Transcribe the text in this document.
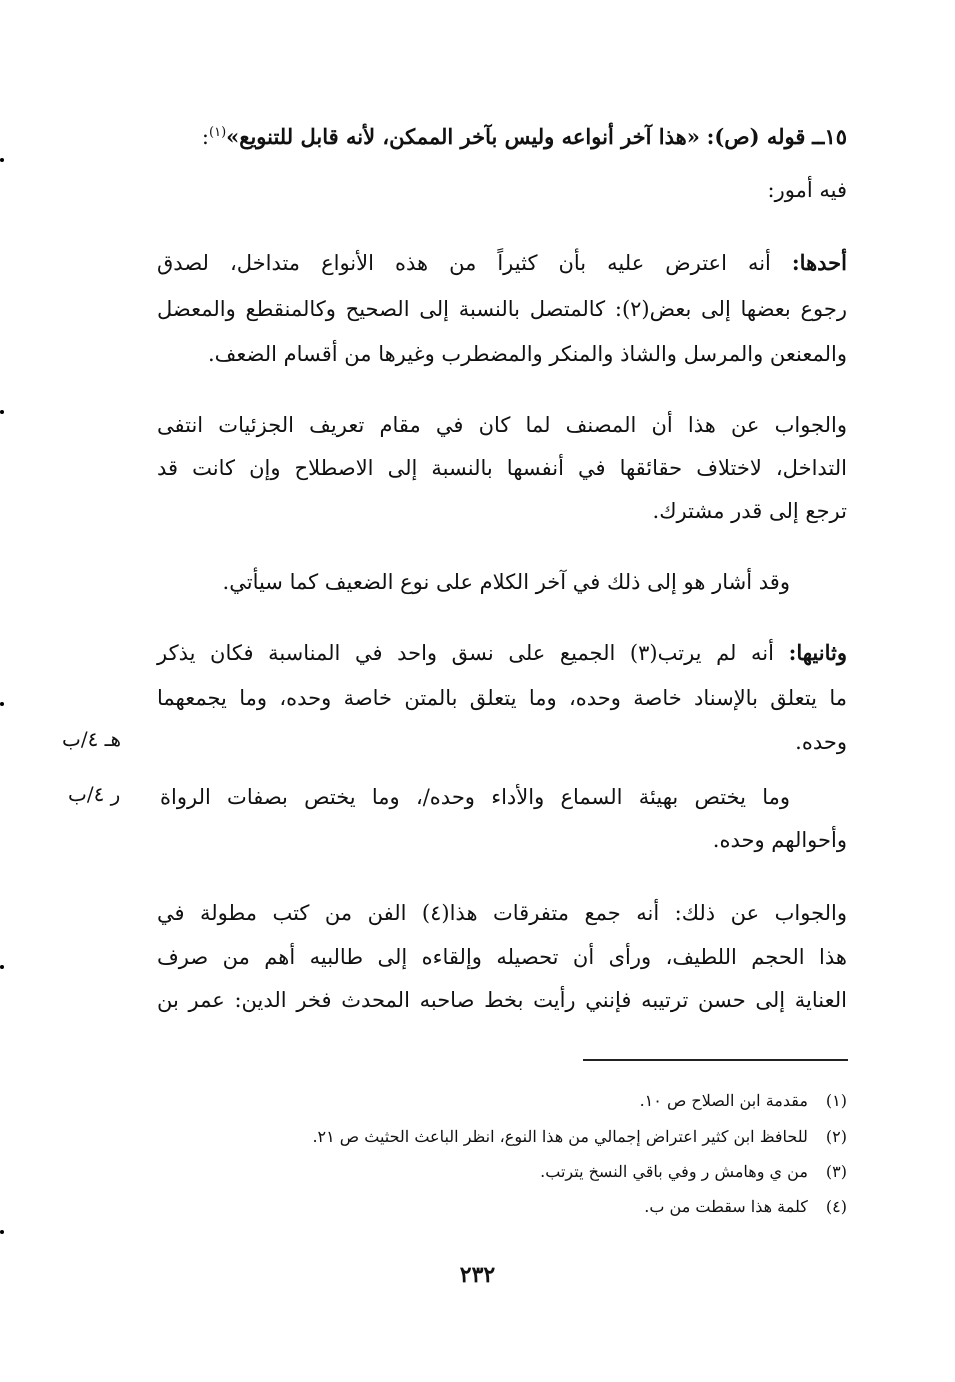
١٥ــ قوله (ص): «هذا آخر أنواعه وليس بآخر الممكن، لأنه قابل للتنويع»$^{(١)}$:
فيه أمور:
أحدها: أنه اعترض عليه بأن كثيراً من هذه الأنواع متداخل، لصدق
رجوع بعضها إلى بعض(٢): كالمتصل بالنسبة إلى الصحيح وكالمنقطع والمعضل
والمعنعن والمرسل والشاذ والمنكر والمضطرب وغيرها من أقسام الضعف.
والجواب عن هذا أن المصنف لما كان في مقام تعريف الجزئيات انتفى
التداخل، لاختلاف حقائقها في أنفسها بالنسبة إلى الاصطلاح وإن كانت قد
ترجع إلى قدر مشترك.
وقد أشار هو إلى ذلك في آخر الكلام على نوع الضعيف كما سيأتي.
وثانيها: أنه لم يرتب(٣) الجميع على نسق واحد في المناسبة فكان يذكر
ما يتعلق بالإسناد خاصة وحده، وما يتعلق بالمتن خاصة وحده، وما يجمعهما
وحده.
هـ ٤/ب
وما يختص بهيئة السماع والأداء وحده/، وما يختص بصفات الرواة
ر ٤/ب
وأحوالهم وحده.
والجواب عن ذلك: أنه جمع متفرقات هذا(٤) الفن من كتب مطولة في
هذا الحجم اللطيف، ورأى أن تحصيله وإلقاءه إلى طالبيه أهم من صرف
العناية إلى حسن ترتيبه فإنني رأيت بخط صاحبه المحدث فخر الدين: عمر بن
(١) مقدمة ابن الصلاح ص ١٠.
(٢) للحافظ ابن كثير اعتراض إجمالي من هذا النوع، انظر الباعث الحثيث ص ٢١.
(٣) من ي وهامش ر وفي باقي النسخ يترتب.
(٤) كلمة هذا سقطت من ب.
٢٣٢
